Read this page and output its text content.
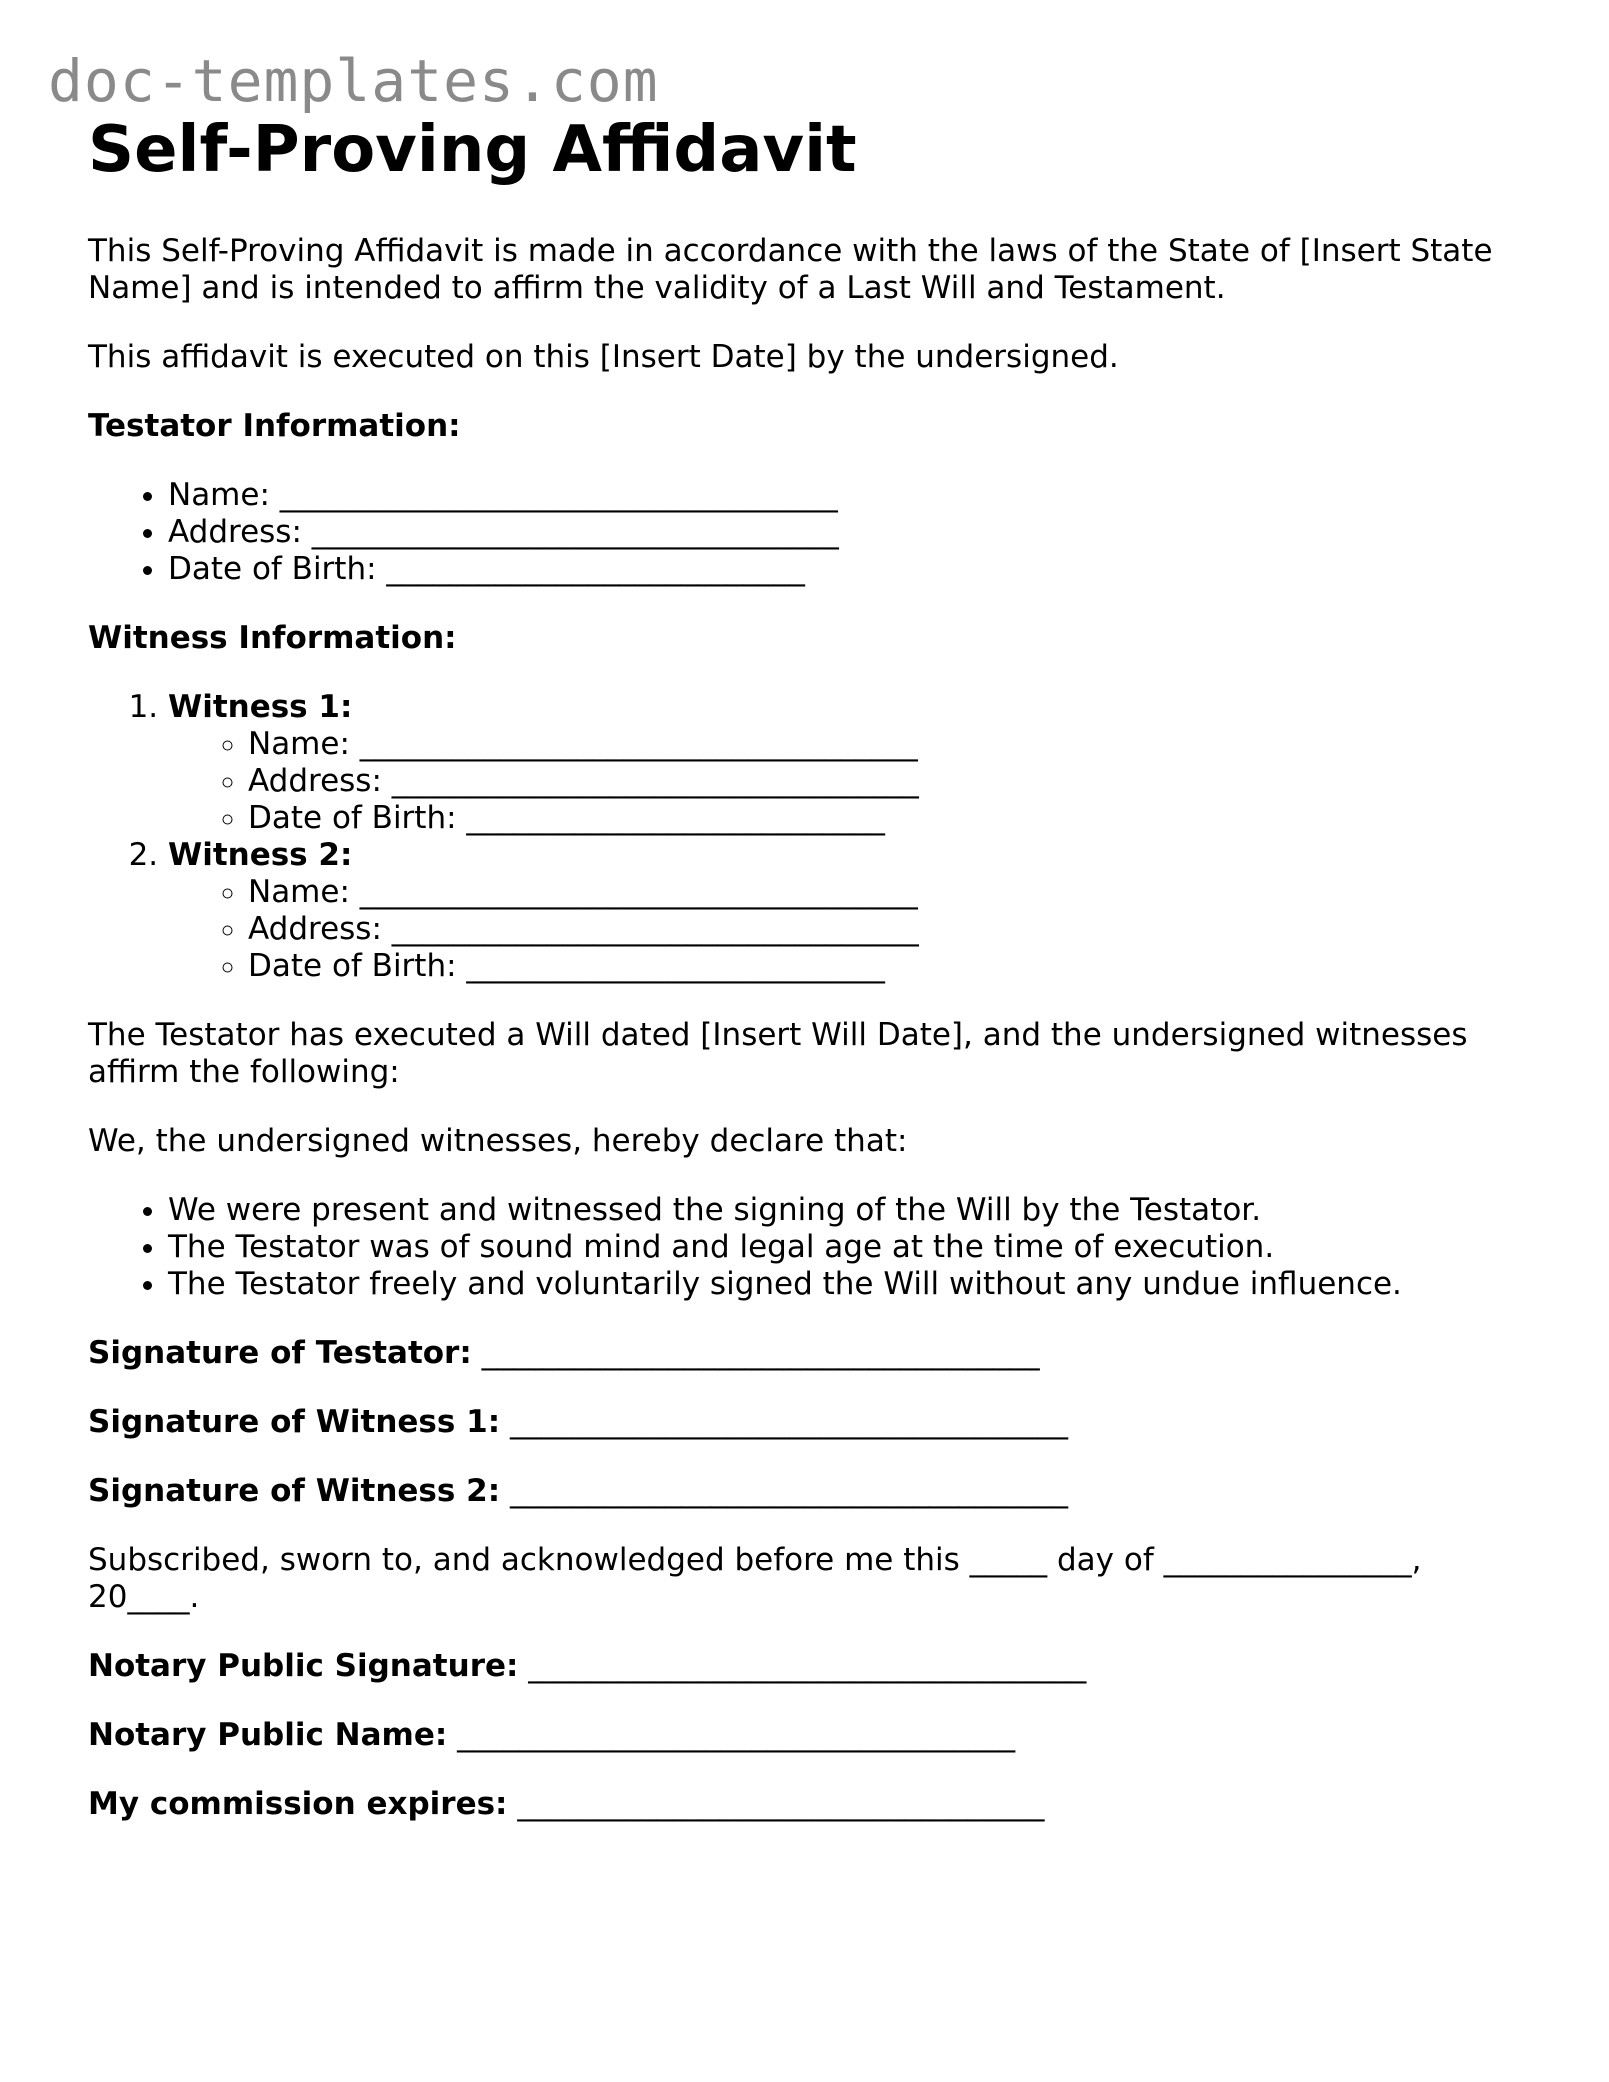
doc-templates.com
Self-Proving Affidavit

This Self-Proving Affidavit is made in accordance with the laws of the State of [Insert State Name] and is intended to affirm the validity of a Last Will and Testament.

This affidavit is executed on this [Insert Date] by the undersigned.

Testator Information:

• Name: ____________________________________
• Address: __________________________________
• Date of Birth: ___________________________

Witness Information:

1. Witness 1:
◦ Name: ____________________________________
◦ Address: __________________________________
◦ Date of Birth: ___________________________
2. Witness 2:
◦ Name: ____________________________________
◦ Address: __________________________________
◦ Date of Birth: ___________________________

The Testator has executed a Will dated [Insert Will Date], and the undersigned witnesses affirm the following:

We, the undersigned witnesses, hereby declare that:

• We were present and witnessed the signing of the Will by the Testator.
• The Testator was of sound mind and legal age at the time of execution.
• The Testator freely and voluntarily signed the Will without any undue influence.

Signature of Testator: ____________________________________

Signature of Witness 1: ____________________________________

Signature of Witness 2: ____________________________________

Subscribed, sworn to, and acknowledged before me this _____ day of ________________, 20____.

Notary Public Signature: ____________________________________

Notary Public Name: ____________________________________

My commission expires: __________________________________
